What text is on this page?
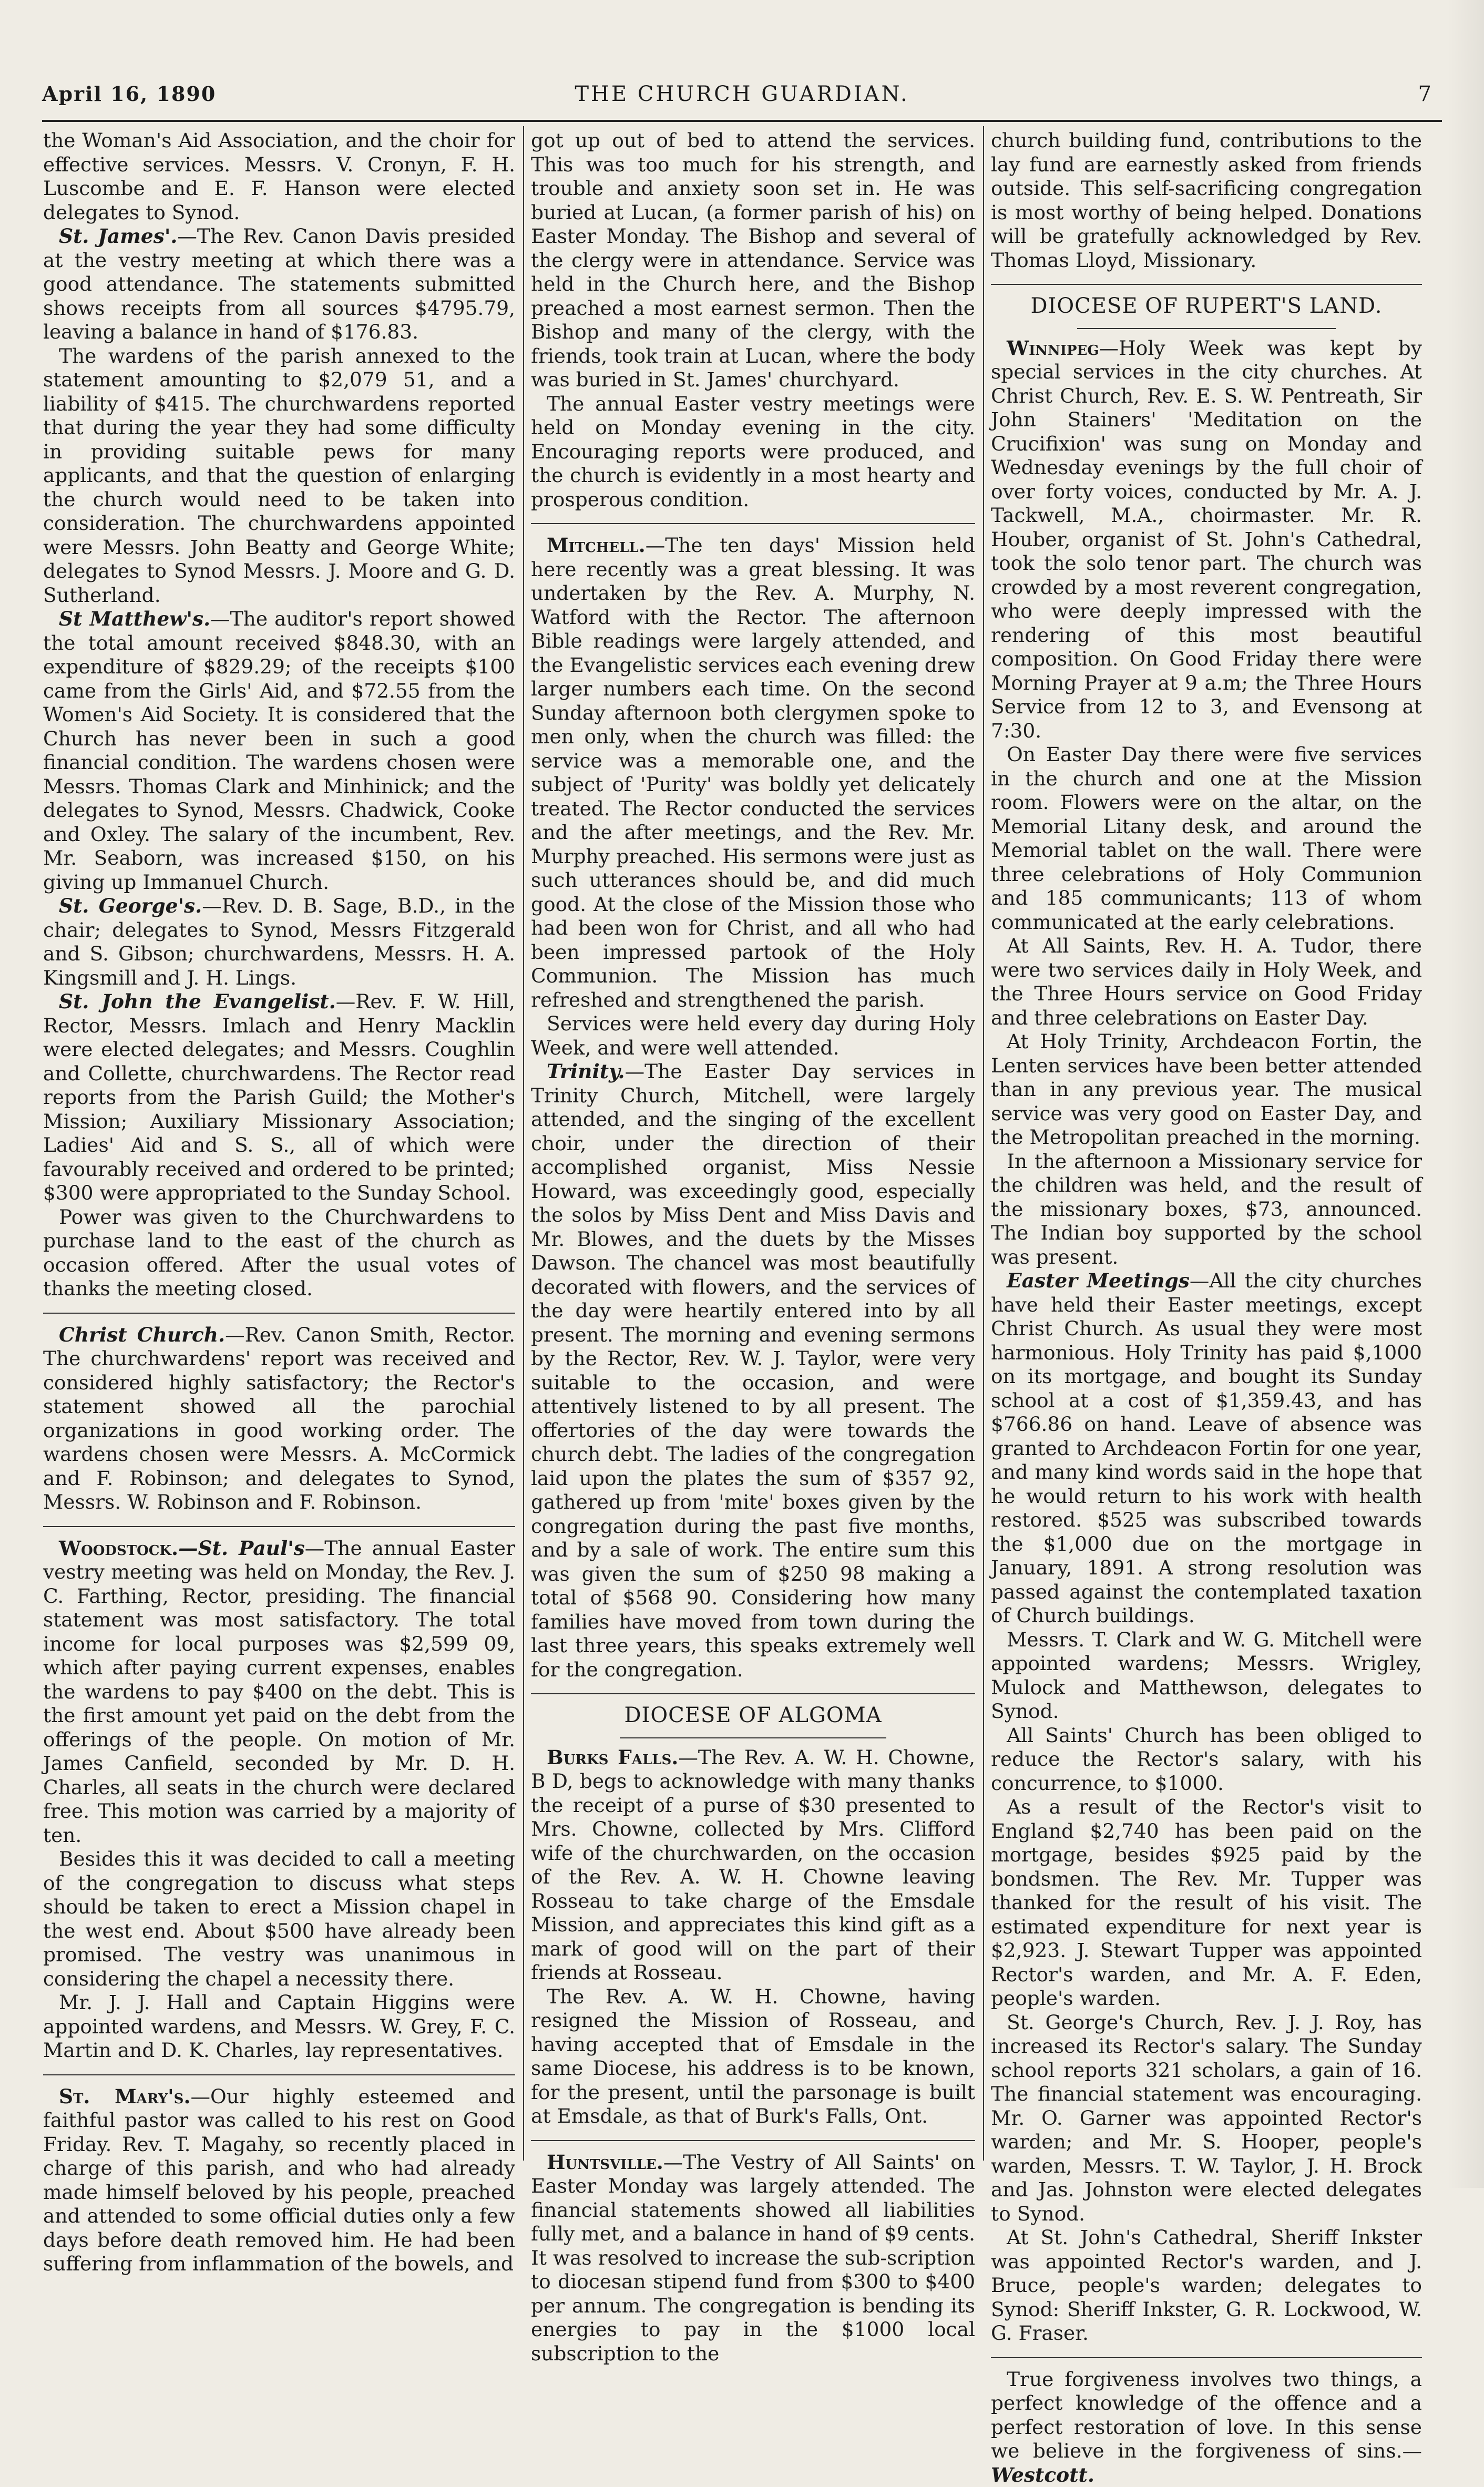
April 16, 1890	THE CHURCH GUARDIAN.	7

the Woman's Aid Association, and the choir for effective services. Messrs. V. Cronyn, F. H. Luscombe and E. F. Hanson were elected delegates to Synod.

St. James'.—The Rev. Canon Davis presided at the vestry meeting at which there was a good attendance. The statements submitted shows receipts from all sources $4795.79, leaving a balance in hand of $176.83.

The wardens of the parish annexed to the statement amounting to $2,079 51, and a liability of $415. The churchwardens reported that during the year they had some difficulty in providing suitable pews for many applicants, and that the question of enlarging the church would need to be taken into consideration. The churchwardens appointed were Messrs. John Beatty and George White; delegates to Synod Messrs. J. Moore and G. D. Sutherland.

St Matthew's.—The auditor's report showed the total amount received $848.30, with an expenditure of $829.29; of the receipts $100 came from the Girls' Aid, and $72.55 from the Women's Aid Society. It is considered that the Church has never been in such a good financial condition. The wardens chosen were Messrs. Thomas Clark and Minhinick; and the delegates to Synod, Messrs. Chadwick, Cooke and Oxley. The salary of the incumbent, Rev. Mr. Seaborn, was increased $150, on his giving up Immanuel Church.

St. George's.—Rev. D. B. Sage, B.D., in the chair; delegates to Synod, Messrs Fitzgerald and S. Gibson; churchwardens, Messrs. H. A. Kingsmill and J. H. Lings.

St. John the Evangelist.—Rev. F. W. Hill, Rector, Messrs. Imlach and Henry Macklin were elected delegates; and Messrs. Coughlin and Collette, churchwardens. The Rector read reports from the Parish Guild; the Mother's Mission; Auxiliary Missionary Association; Ladies' Aid and S. S., all of which were favourably received and ordered to be printed; $300 were appropriated to the Sunday School.

Power was given to the Churchwardens to purchase land to the east of the church as occasion offered. After the usual votes of thanks the meeting closed.

Christ Church.—Rev. Canon Smith, Rector. The churchwardens' report was received and considered highly satisfactory; the Rector's statement showed all the parochial organizations in good working order. The wardens chosen were Messrs. A. McCormick and F. Robinson; and delegates to Synod, Messrs. W. Robinson and F. Robinson.

Woodstock.—St. Paul's—The annual Easter vestry meeting was held on Monday, the Rev. J. C. Farthing, Rector, presiding. The financial statement was most satisfactory. The total income for local purposes was $2,599 09, which after paying current expenses, enables the wardens to pay $400 on the debt. This is the first amount yet paid on the debt from the offerings of the people. On motion of Mr. James Canfield, seconded by Mr. D. H. Charles, all seats in the church were declared free. This motion was carried by a majority of ten.

Besides this it was decided to call a meeting of the congregation to discuss what steps should be taken to erect a Mission chapel in the west end. About $500 have already been promised. The vestry was unanimous in considering the chapel a necessity there.

Mr. J. J. Hall and Captain Higgins were appointed wardens, and Messrs. W. Grey, F. C. Martin and D. K. Charles, lay representatives.

St. Mary's.—Our highly esteemed and faithful pastor was called to his rest on Good Friday. Rev. T. Magahy, so recently placed in charge of this parish, and who had already made himself beloved by his people, preached and attended to some official duties only a few days before death removed him. He had been suffering from inflammation of the bowels, and

got up out of bed to attend the services. This was too much for his strength, and trouble and anxiety soon set in. He was buried at Lucan, (a former parish of his) on Easter Monday. The Bishop and several of the clergy were in attendance. Service was held in the Church here, and the Bishop preached a most earnest sermon. Then the Bishop and many of the clergy, with the friends, took train at Lucan, where the body was buried in St. James' churchyard.

The annual Easter vestry meetings were held on Monday evening in the city. Encouraging reports were produced, and the church is evidently in a most hearty and prosperous condition.

Mitchell.—The ten days' Mission held here recently was a great blessing. It was undertaken by the Rev. A. Murphy, N. Watford with the Rector. The afternoon Bible readings were largely attended, and the Evangelistic services each evening drew larger numbers each time. On the second Sunday afternoon both clergymen spoke to men only, when the church was filled: the service was a memorable one, and the subject of 'Purity' was boldly yet delicately treated. The Rector conducted the services and the after meetings, and the Rev. Mr. Murphy preached. His sermons were just as such utterances should be, and did much good. At the close of the Mission those who had been won for Christ, and all who had been impressed partook of the Holy Communion. The Mission has much refreshed and strengthened the parish.

Services were held every day during Holy Week, and were well attended.

Trinity.—The Easter Day services in Trinity Church, Mitchell, were largely attended, and the singing of the excellent choir, under the direction of their accomplished organist, Miss Nessie Howard, was exceedingly good, especially the solos by Miss Dent and Miss Davis and Mr. Blowes, and the duets by the Misses Dawson. The chancel was most beautifully decorated with flowers, and the services of the day were heartily entered into by all present. The morning and evening sermons by the Rector, Rev. W. J. Taylor, were very suitable to the occasion, and were attentively listened to by all present. The offertories of the day were towards the church debt. The ladies of the congregation laid upon the plates the sum of $357 92, gathered up from 'mite' boxes given by the congregation during the past five months, and by a sale of work. The entire sum this was given the sum of $250 98 making a total of $568 90. Considering how many families have moved from town during the last three years, this speaks extremely well for the congregation.

DIOCESE OF ALGOMA

Burks Falls.—The Rev. A. W. H. Chowne, B D, begs to acknowledge with many thanks the receipt of a purse of $30 presented to Mrs. Chowne, collected by Mrs. Clifford wife of the churchwarden, on the occasion of the Rev. A. W. H. Chowne leaving Rosseau to take charge of the Emsdale Mission, and appreciates this kind gift as a mark of good will on the part of their friends at Rosseau.

The Rev. A. W. H. Chowne, having resigned the Mission of Rosseau, and having accepted that of Emsdale in the same Diocese, his address is to be known, for the present, until the parsonage is built at Emsdale, as that of Burk's Falls, Ont.

Huntsville.—The Vestry of All Saints' on Easter Monday was largely attended. The financial statements showed all liabilities fully met, and a balance in hand of $9 cents. It was resolved to increase the sub-scription to diocesan stipend fund from $300 to $400 per annum. The congregation is bending its energies to pay in the $1000 local subscription to the

church building fund, contributions to the lay fund are earnestly asked from friends outside. This self-sacrificing congregation is most worthy of being helped. Donations will be gratefully acknowledged by Rev. Thomas Lloyd, Missionary.

DIOCESE OF RUPERT'S LAND.

Winnipeg—Holy Week was kept by special services in the city churches. At Christ Church, Rev. E. S. W. Pentreath, Sir John Stainers' 'Meditation on the Crucifixion' was sung on Monday and Wednesday evenings by the full choir of over forty voices, conducted by Mr. A. J. Tackwell, M.A., choirmaster. Mr. R. Houber, organist of St. John's Cathedral, took the solo tenor part. The church was crowded by a most reverent congregation, who were deeply impressed with the rendering of this most beautiful composition. On Good Friday there were Morning Prayer at 9 a.m; the Three Hours Service from 12 to 3, and Evensong at 7:30.

On Easter Day there were five services in the church and one at the Mission room. Flowers were on the altar, on the Memorial Litany desk, and around the Memorial tablet on the wall. There were three celebrations of Holy Communion and 185 communicants; 113 of whom communicated at the early celebrations.

At All Saints, Rev. H. A. Tudor, there were two services daily in Holy Week, and the Three Hours service on Good Friday and three celebrations on Easter Day.

At Holy Trinity, Archdeacon Fortin, the Lenten services have been better attended than in any previous year. The musical service was very good on Easter Day, and the Metropolitan preached in the morning.

In the afternoon a Missionary service for the children was held, and the result of the missionary boxes, $73, announced. The Indian boy supported by the school was present.

Easter Meetings—All the city churches have held their Easter meetings, except Christ Church. As usual they were most harmonious. Holy Trinity has paid $,1000 on its mortgage, and bought its Sunday school at a cost of $1,359.43, and has $766.86 on hand. Leave of absence was granted to Archdeacon Fortin for one year, and many kind words said in the hope that he would return to his work with health restored. $525 was subscribed towards the $1,000 due on the mortgage in January, 1891. A strong resolution was passed against the contemplated taxation of Church buildings.

Messrs. T. Clark and W. G. Mitchell were appointed wardens; Messrs. Wrigley, Mulock and Matthewson, delegates to Synod.

All Saints' Church has been obliged to reduce the Rector's salary, with his concurrence, to $1000.

As a result of the Rector's visit to England $2,740 has been paid on the mortgage, besides $925 paid by the bondsmen. The Rev. Mr. Tupper was thanked for the result of his visit. The estimated expenditure for next year is $2,923. J. Stewart Tupper was appointed Rector's warden, and Mr. A. F. Eden, people's warden.

St. George's Church, Rev. J. J. Roy, has increased its Rector's salary. The Sunday school reports 321 scholars, a gain of 16. The financial statement was encouraging. Mr. O. Garner was appointed Rector's warden; and Mr. S. Hooper, people's warden, Messrs. T. W. Taylor, J. H. Brock and Jas. Johnston were elected delegates to Synod.

At St. John's Cathedral, Sheriff Inkster was appointed Rector's warden, and J. Bruce, people's warden; delegates to Synod: Sheriff Inkster, G. R. Lockwood, W. G. Fraser.

True forgiveness involves two things, a perfect knowledge of the offence and a perfect restoration of love. In this sense we believe in the forgiveness of sins.—Westcott.
